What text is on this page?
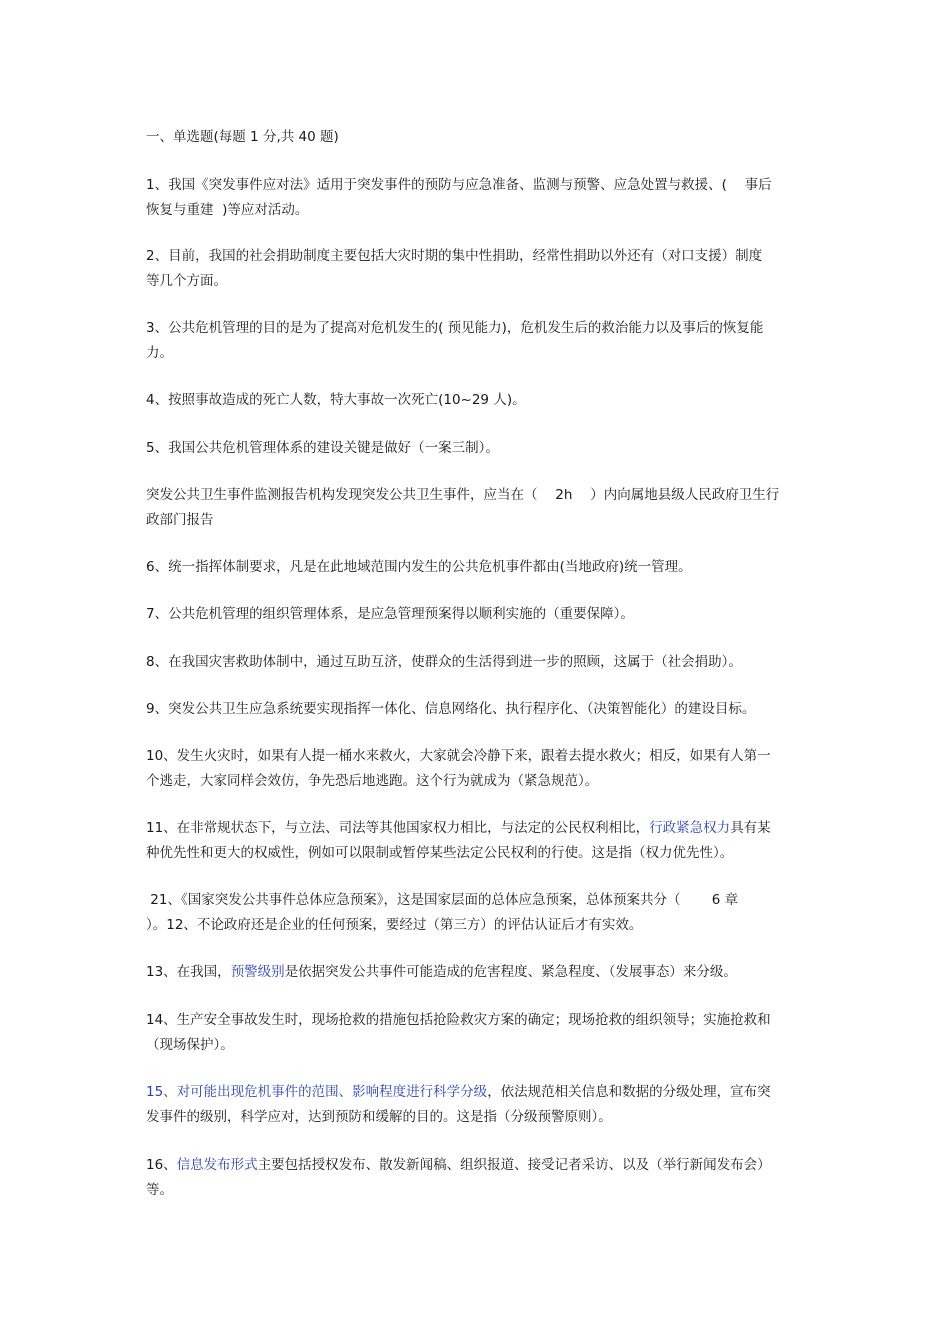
一、单选题(每题 1 分,共 40 题)
1、我国《突发事件应对法》适用于突发事件的预防与应急准备、监测与预警、应急处置与救援、(　 事后
恢复与重建  )等应对活动。
2、目前，我国的社会捐助制度主要包括大灾时期的集中性捐助，经常性捐助以外还有（对口支援）制度
等几个方面。
3、公共危机管理的目的是为了提高对危机发生的( 预见能力)，危机发生后的救治能力以及事后的恢复能
力。
4、按照事故造成的死亡人数，特大事故一次死亡(10~29 人)。
5、我国公共危机管理体系的建设关键是做好（一案三制）。
突发公共卫生事件监测报告机构发现突发公共卫生事件，应当在（　 2h 　）内向属地县级人民政府卫生行
政部门报告
6、统一指挥体制要求，凡是在此地域范围内发生的公共危机事件都由(当地政府)统一管理。
7、公共危机管理的组织管理体系，是应急管理预案得以顺利实施的（重要保障）。
8、在我国灾害救助体制中，通过互助互济，使群众的生活得到进一步的照顾，这属于（社会捐助）。
9、突发公共卫生应急系统要实现指挥一体化、信息网络化、执行程序化、（决策智能化）的建设目标。
10、发生火灾时，如果有人提一桶水来救火，大家就会冷静下来，跟着去提水救火；相反，如果有人第一
个逃走，大家同样会效仿，争先恐后地逃跑。这个行为就成为（紧急规范）。
11、在非常规状态下，与立法、司法等其他国家权力相比，与法定的公民权利相比，行政紧急权力具有某
种优先性和更大的权威性，例如可以限制或暂停某些法定公民权利的行使。这是指（权力优先性）。
21、《国家突发公共事件总体应急预案》，这是国家层面的总体应急预案，总体预案共分（　　 6 章
）。12、不论政府还是企业的任何预案，要经过（第三方）的评估认证后才有实效。
13、在我国，预警级别是依据突发公共事件可能造成的危害程度、紧急程度、（发展事态）来分级。
14、生产安全事故发生时，现场抢救的措施包括抢险救灾方案的确定；现场抢救的组织领导；实施抢救和
（现场保护）。
15、对可能出现危机事件的范围、影响程度进行科学分级，依法规范相关信息和数据的分级处理，宣布突
发事件的级别，科学应对，达到预防和缓解的目的。这是指（分级预警原则）。
16、信息发布形式主要包括授权发布、散发新闻稿、组织报道、接受记者采访、以及（举行新闻发布会）
等。
